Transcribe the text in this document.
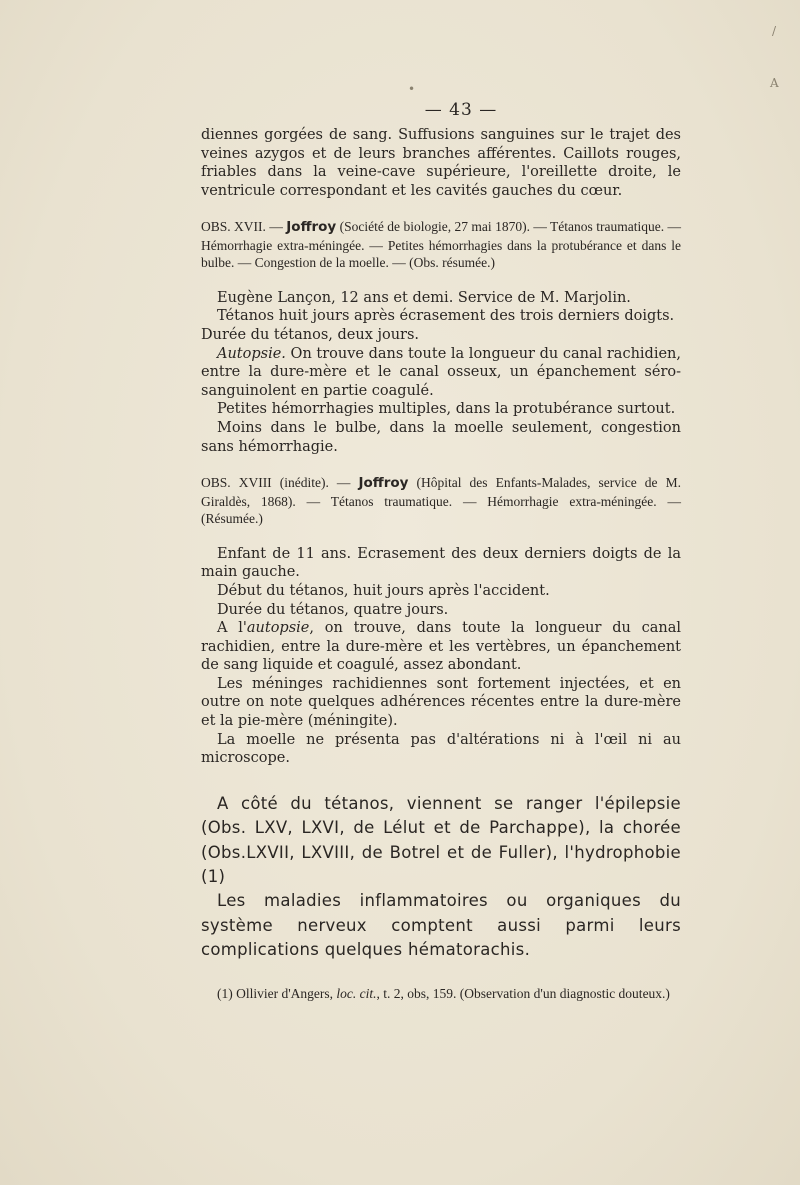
•
/
A
— 43 —

diennes gorgées de sang. Suffusions sanguines sur le trajet des veines azygos et de leurs branches afférentes. Caillots rouges, friables dans la veine-cave supérieure, l'oreillette droite, le ventricule correspondant et les cavités gauches du cœur.

OBS. XVII. — Joffroy (Société de biologie, 27 mai 1870). — Tétanos traumatique. — Hémorrhagie extra-méningée. — Petites hémorrhagies dans la protubérance et dans le bulbe. — Congestion de la moelle. — (Obs. résumée.)

Eugène Lançon, 12 ans et demi. Service de M. Marjolin.

Tétanos huit jours après écrasement des trois derniers doigts.

Durée du tétanos, deux jours.

Autopsie. On trouve dans toute la longueur du canal rachidien, entre la dure-mère et le canal osseux, un épanchement séro-sanguinolent en partie coagulé.

Petites hémorrhagies multiples, dans la protubérance surtout.

Moins dans le bulbe, dans la moelle seulement, congestion sans hémorrhagie.

OBS. XVIII (inédite). — Joffroy (Hôpital des Enfants-Malades, service de M. Giraldès, 1868). — Tétanos traumatique. — Hémorrhagie extra-méningée. — (Résumée.)

Enfant de 11 ans. Ecrasement des deux derniers doigts de la main gauche.

Début du tétanos, huit jours après l'accident.

Durée du tétanos, quatre jours.

A l'autopsie, on trouve, dans toute la longueur du canal rachidien, entre la dure-mère et les vertèbres, un épanchement de sang liquide et coagulé, assez abondant.

Les méninges rachidiennes sont fortement injectées, et en outre on note quelques adhérences récentes entre la dure-mère et la pie-mère (méningite).

La moelle ne présenta pas d'altérations ni à l'œil ni au microscope.

A côté du tétanos, viennent se ranger l'épilepsie (Obs. LXV, LXVI, de Lélut et de Parchappe), la chorée (Obs.LXVII, LXVIII, de Botrel et de Fuller), l'hydrophobie (1)

Les maladies inflammatoires ou organiques du système nerveux comptent aussi parmi leurs complications quelques hématorachis.

(1) Ollivier d'Angers, loc. cit., t. 2, obs, 159. (Observation d'un diagnostic douteux.)
